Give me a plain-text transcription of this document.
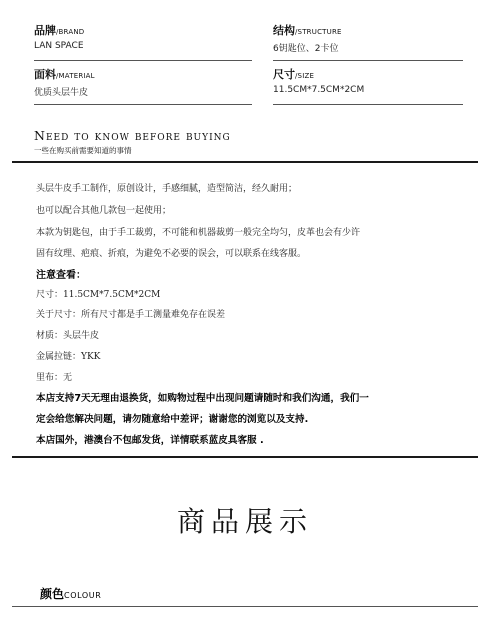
品牌/BRAND
LAN SPACE
结构/STRUCTURE
6钥匙位、2卡位
面料/MATERIAL
优质头层牛皮
尺寸/SIZE
11.5CM*7.5CM*2CM
Need to know before buying
一些在购买前需要知道的事情
头层牛皮手工制作，原创设计，手感细腻，造型简洁，经久耐用；
也可以配合其他几款包一起使用；
本款为钥匙包，由于手工裁剪，不可能和机器裁剪一般完全均匀，皮革也会有少许
固有纹理、疤痕、折痕，为避免不必要的误会，可以联系在线客服。
注意查看：
尺寸：11.5CM*7.5CM*2CM
关于尺寸：所有尺寸都是手工测量难免存在误差
材质：头层牛皮
金属拉链：YKK
里布：无
本店支持7天无理由退换货，如购物过程中出现问题请随时和我们沟通，我们一
定会给您解决问题，请勿随意给中差评；谢谢您的浏览以及支持.
本店国外，港澳台不包邮发货，详情联系蓝皮具客服 .
商品展示
颜色COLOUR
